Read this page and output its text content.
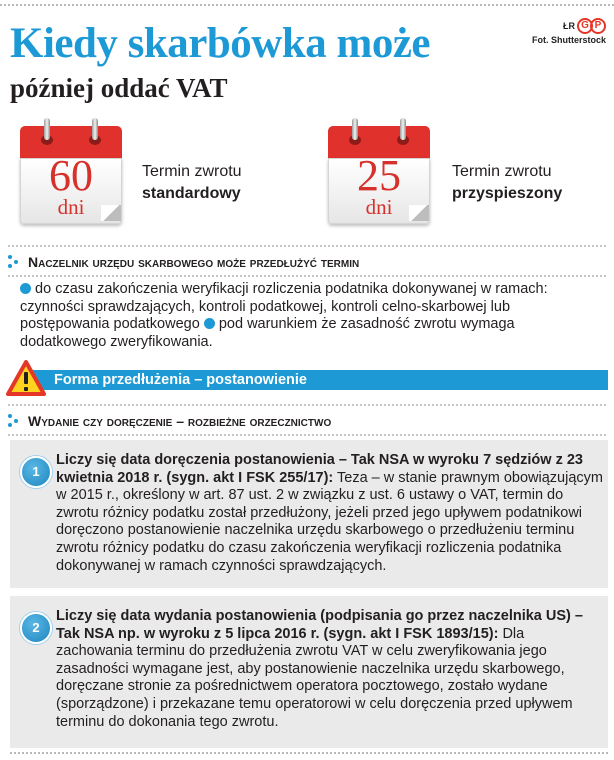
Kiedy skarbówka może
później oddać VAT
ŁR G P
Fot. Shutterstock
60
dni
Termin zwrotu
standardowy	25
dni
Termin zwrotu
przyspieszony
Naczelnik urzędu skarbowego może przedłużyć termin
do czasu zakończenia weryfikacji rozliczenia podatnika dokonywanej w ramach: czynności sprawdzających, kontroli podatkowej, kontroli celno-skarbowej lub postępowania podatkowego pod warunkiem że zasadność zwrotu wymaga dodatkowego zweryfikowania.
Forma przedłużenia – postanowienie
Wydanie czy doręczenie – rozbieżne orzecznictwo
1
Liczy się data doręczenia postanowienia – Tak NSA w wyroku 7 sędziów z 23 kwietnia 2018 r. (sygn. akt I FSK 255/17): Teza – w stanie prawnym obowiązującym w 2015 r., określony w art. 87 ust. 2 w związku z ust. 6 ustawy o VAT, termin do zwrotu różnicy podatku został przedłużony, jeżeli przed jego upływem podatnikowi doręczono postanowienie naczelnika urzędu skarbowego o przedłużeniu terminu zwrotu różnicy podatku do czasu zakończenia weryfikacji rozliczenia podatnika dokonywanej w ramach czynności sprawdzających.
2
Liczy się data wydania postanowienia (podpisania go przez naczelnika US) – Tak NSA np. w wyroku z 5 lipca 2016 r. (sygn. akt I FSK 1893/15): Dla zachowania terminu do przedłużenia zwrotu VAT w celu zweryfikowania jego zasadności wymagane jest, aby postanowienie naczelnika urzędu skarbowego, doręczane stronie za pośrednictwem operatora pocztowego, zostało wydane (sporządzone) i przekazane temu operatorowi w celu doręczenia przed upływem terminu do dokonania tego zwrotu.
